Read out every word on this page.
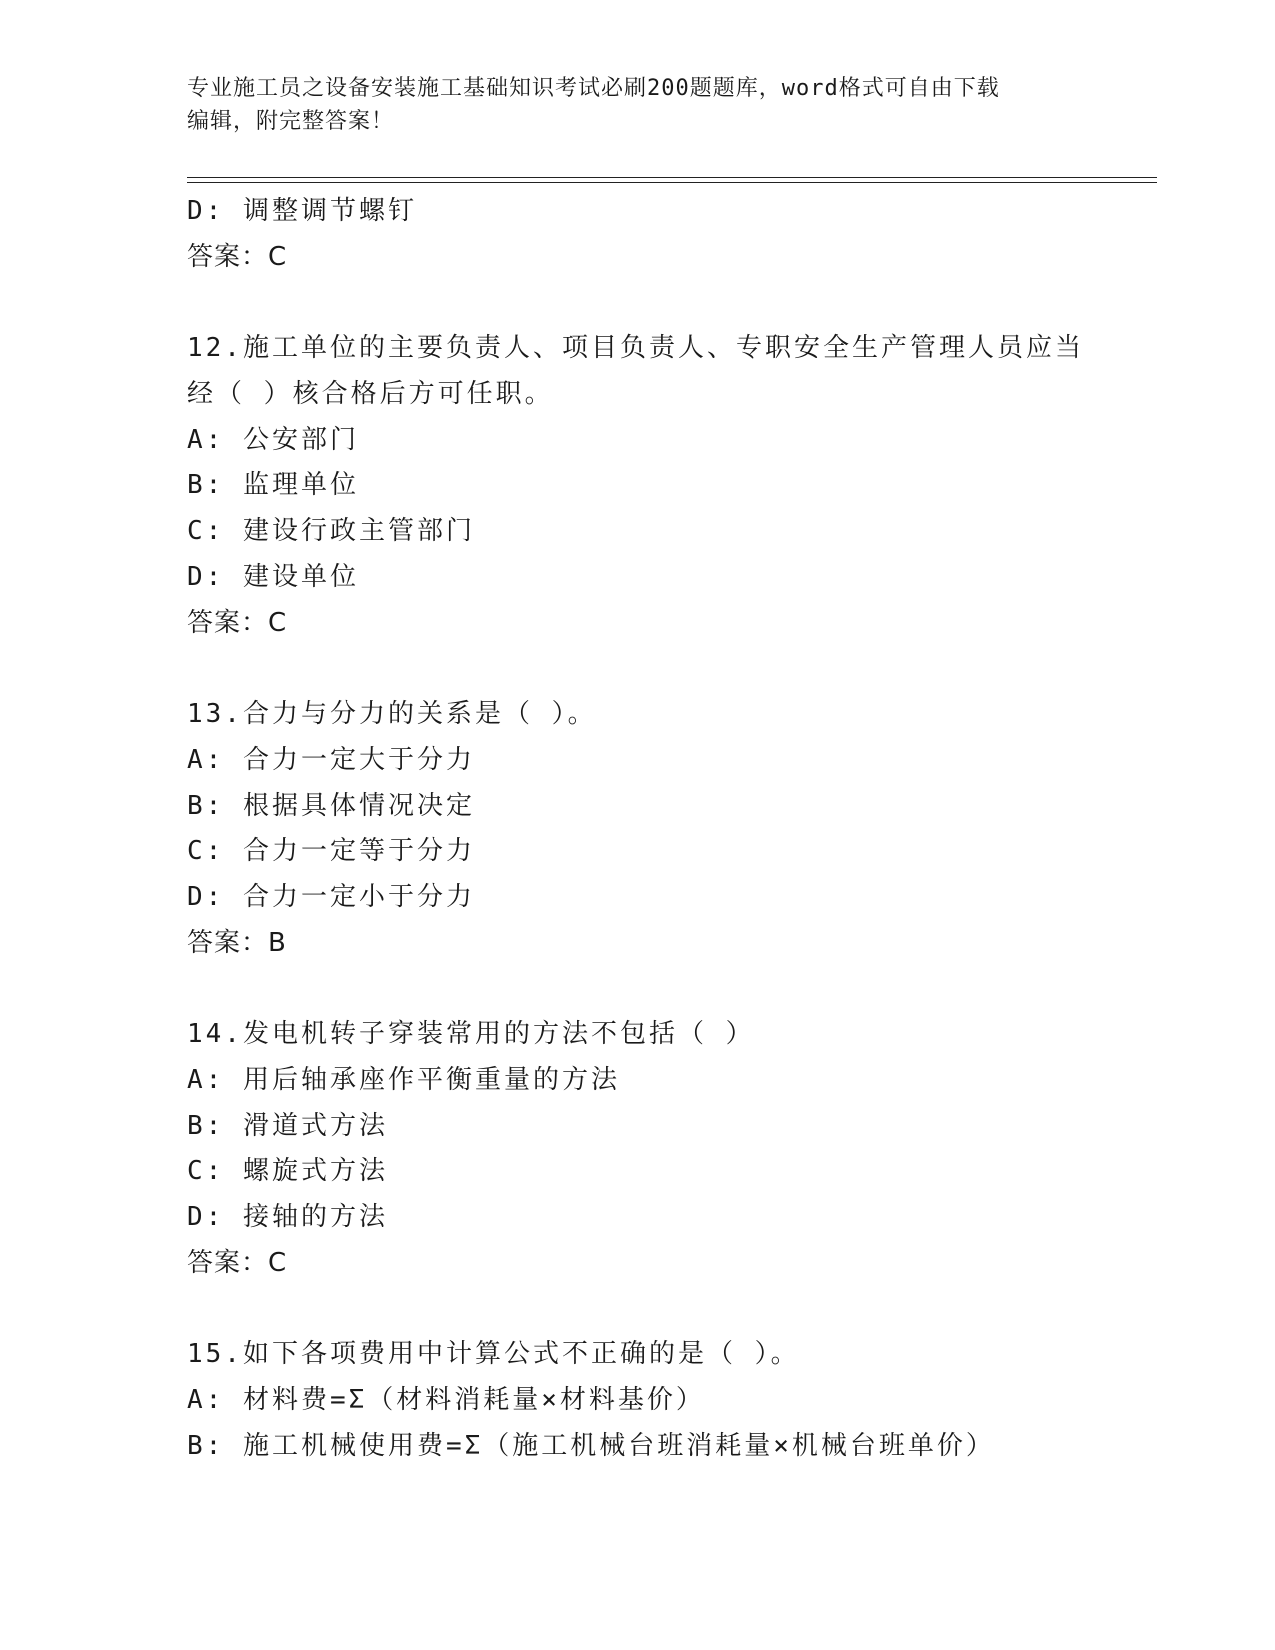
专业施工员之设备安装施工基础知识考试必刷200题题库，word格式可自由下载
编辑，附完整答案！
D: 调整调节螺钉
答案：C
12.施工单位的主要负责人、项目负责人、专职安全生产管理人员应当
经（ ）核合格后方可任职。
A: 公安部门
B: 监理单位
C: 建设行政主管部门
D: 建设单位
答案：C
13.合力与分力的关系是（ ）。
A: 合力一定大于分力
B: 根据具体情况决定
C: 合力一定等于分力
D: 合力一定小于分力
答案：B
14.发电机转子穿装常用的方法不包括（ ）
A: 用后轴承座作平衡重量的方法
B: 滑道式方法
C: 螺旋式方法
D: 接轴的方法
答案：C
15.如下各项费用中计算公式不正确的是（ ）。
A: 材料费=Σ（材料消耗量×材料基价）
B: 施工机械使用费=Σ（施工机械台班消耗量×机械台班单价）
